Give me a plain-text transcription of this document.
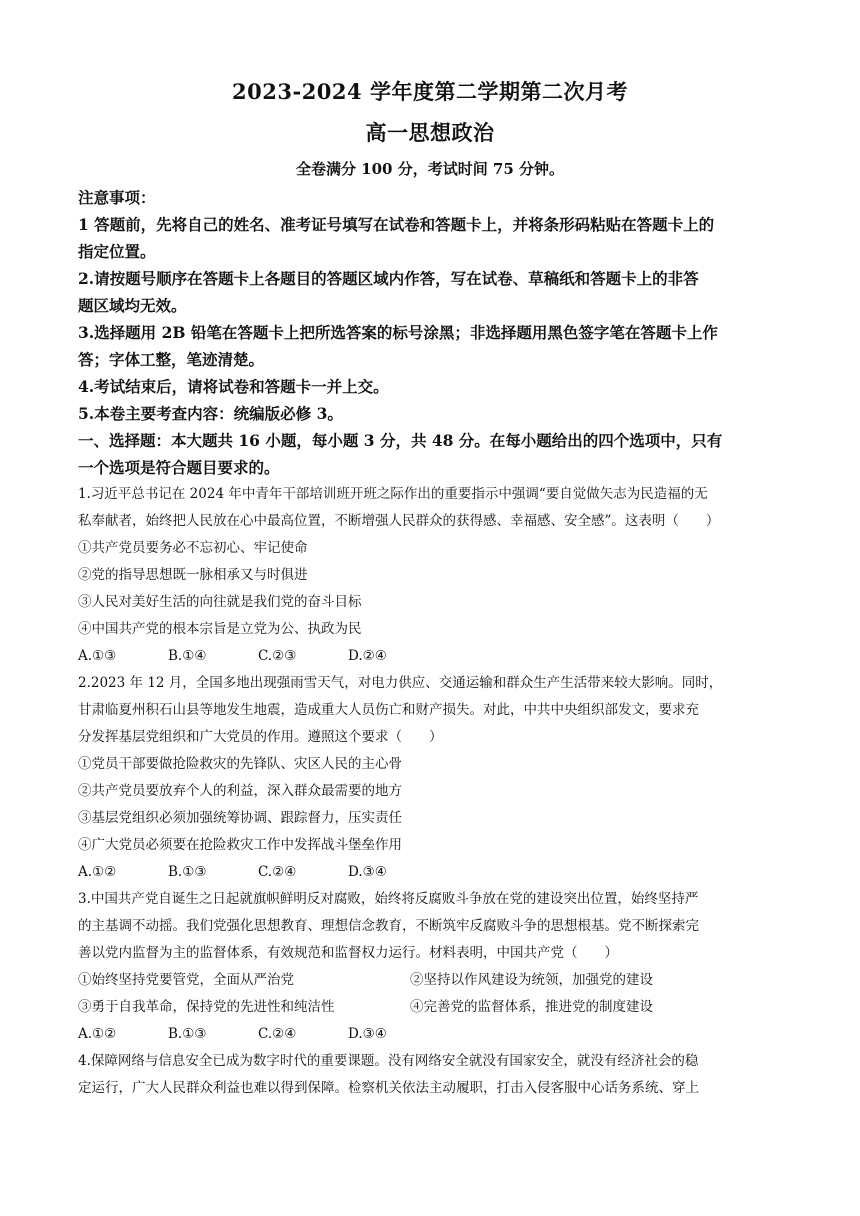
2023-2024 学年度第二学期第二次月考
高一思想政治
全卷满分 100 分，考试时间 75 分钟。
注意事项：
1 答题前，先将自己的姓名、准考证号填写在试卷和答题卡上，并将条形码粘贴在答题卡上的
指定位置。
2.请按题号顺序在答题卡上各题目的答题区域内作答，写在试卷、草稿纸和答题卡上的非答
题区域均无效。
3.选择题用 2B 铅笔在答题卡上把所选答案的标号涂黑；非选择题用黑色签字笔在答题卡上作
答；字体工整，笔迹清楚。
4.考试结束后，请将试卷和答题卡一并上交。
5.本卷主要考查内容：统编版必修 3。
一、选择题：本大题共 16 小题，每小题 3 分，共 48 分。在每小题给出的四个选项中，只有
一个选项是符合题目要求的。
1.习近平总书记在 2024 年中青年干部培训班开班之际作出的重要指示中强调“要自觉做矢志为民造福的无
私奉献者，始终把人民放在心中最高位置，不断增强人民群众的获得感、幸福感、安全感”。这表明（　　）
①共产党员要务必不忘初心、牢记使命
②党的指导思想既一脉相承又与时俱进
③人民对美好生活的向往就是我们党的奋斗目标
④中国共产党的根本宗旨是立党为公、执政为民
A.①③	B.①④	C.②③	D.②④
2.2023 年 12 月，全国多地出现强雨雪天气，对电力供应、交通运输和群众生产生活带来较大影响。同时，
甘肃临夏州积石山县等地发生地震，造成重大人员伤亡和财产损失。对此，中共中央组织部发文，要求充
分发挥基层党组织和广大党员的作用。遵照这个要求（　　）
①党员干部要做抢险救灾的先锋队、灾区人民的主心骨
②共产党员要放弃个人的利益，深入群众最需要的地方
③基层党组织必须加强统筹协调、跟踪督力，压实责任
④广大党员必须要在抢险救灾工作中发挥战斗堡垒作用
A.①②	B.①③	C.②④	D.③④
3.中国共产党自诞生之日起就旗帜鲜明反对腐败，始终将反腐败斗争放在党的建设突出位置，始终坚持严
的主基调不动摇。我们党强化思想教育、理想信念教育，不断筑牢反腐败斗争的思想根基。党不断探索完
善以党内监督为主的监督体系，有效规范和监督权力运行。材料表明，中国共产党（　　）
①始终坚持党要管党，全面从严治党	②坚持以作风建设为统领，加强党的建设
③勇于自我革命，保持党的先进性和纯洁性	④完善党的监督体系，推进党的制度建设
A.①②	B.①③	C.②④	D.③④
4.保障网络与信息安全已成为数字时代的重要课题。没有网络安全就没有国家安全，就没有经济社会的稳
定运行，广大人民群众利益也难以得到保障。检察机关依法主动履职，打击入侵客服中心话务系统、穿上
